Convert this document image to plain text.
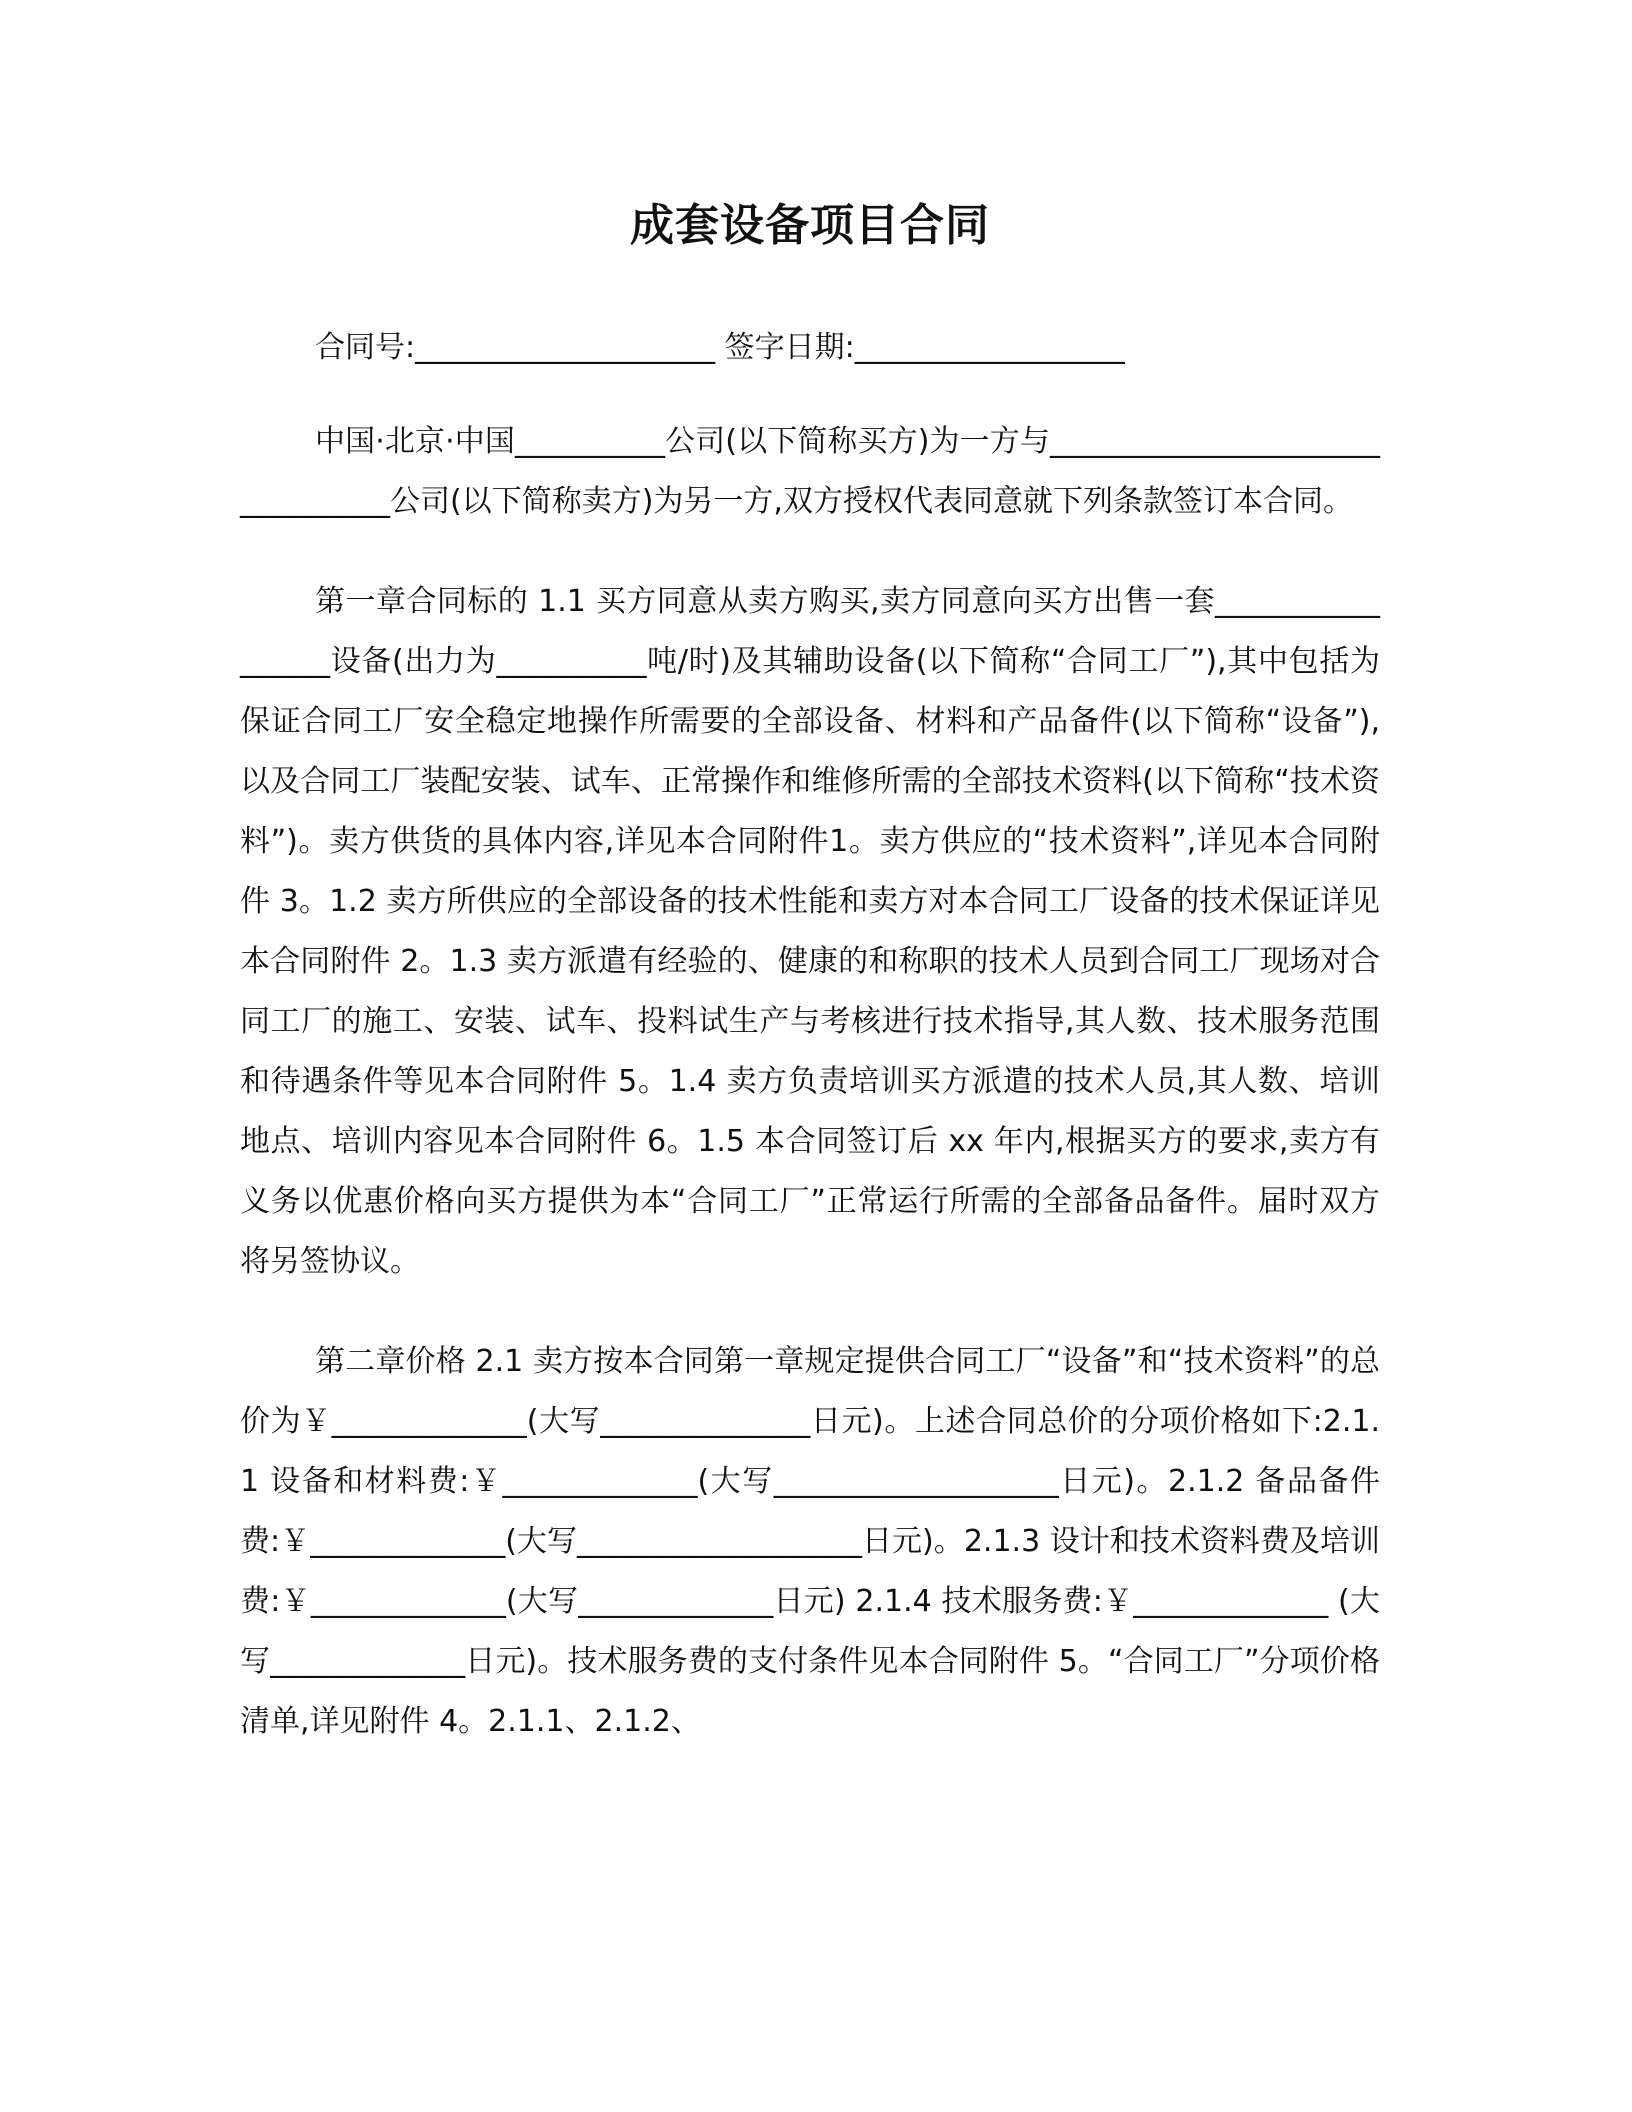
成套设备项目合同

合同号:____________________ 签字日期:__________________

中国·北京·中国__________公司(以下简称买方)为一方与________________________________公司(以下简称卖方)为另一方,双方授权代表同意就下列条款签订本合同。

第一章合同标的 1.1 买方同意从卖方购买,卖方同意向买方出售一套_________________设备(出力为__________吨/时)及其辅助设备(以下简称“合同工厂”),其中包括为保证合同工厂安全稳定地操作所需要的全部设备、材料和产品备件(以下简称“设备”),以及合同工厂装配安装、试车、正常操作和维修所需的全部技术资料(以下简称“技术资料”)。卖方供货的具体内容,详见本合同附件1。卖方供应的“技术资料”,详见本合同附件 3。1.2 卖方所供应的全部设备的技术性能和卖方对本合同工厂设备的技术保证详见本合同附件 2。1.3 卖方派遣有经验的、健康的和称职的技术人员到合同工厂现场对合同工厂的施工、安装、试车、投料试生产与考核进行技术指导,其人数、技术服务范围和待遇条件等见本合同附件 5。1.4 卖方负责培训买方派遣的技术人员,其人数、培训地点、培训内容见本合同附件 6。1.5 本合同签订后 xx 年内,根据买方的要求,卖方有义务以优惠价格向买方提供为本“合同工厂”正常运行所需的全部备品备件。届时双方将另签协议。

第二章价格 2.1 卖方按本合同第一章规定提供合同工厂“设备”和“技术资料”的总价为￥_____________(大写______________日元)。上述合同总价的分项价格如下:2.1.1 设备和材料费:￥_____________(大写___________________日元)。2.1.2 备品备件费:￥_____________(大写___________________日元)。2.1.3 设计和技术资料费及培训费:￥_____________(大写_____________日元) 2.1.4 技术服务费:￥_____________ (大写_____________日元)。技术服务费的支付条件见本合同附件 5。“合同工厂”分项价格清单,详见附件 4。2.1.1、2.1.2、
